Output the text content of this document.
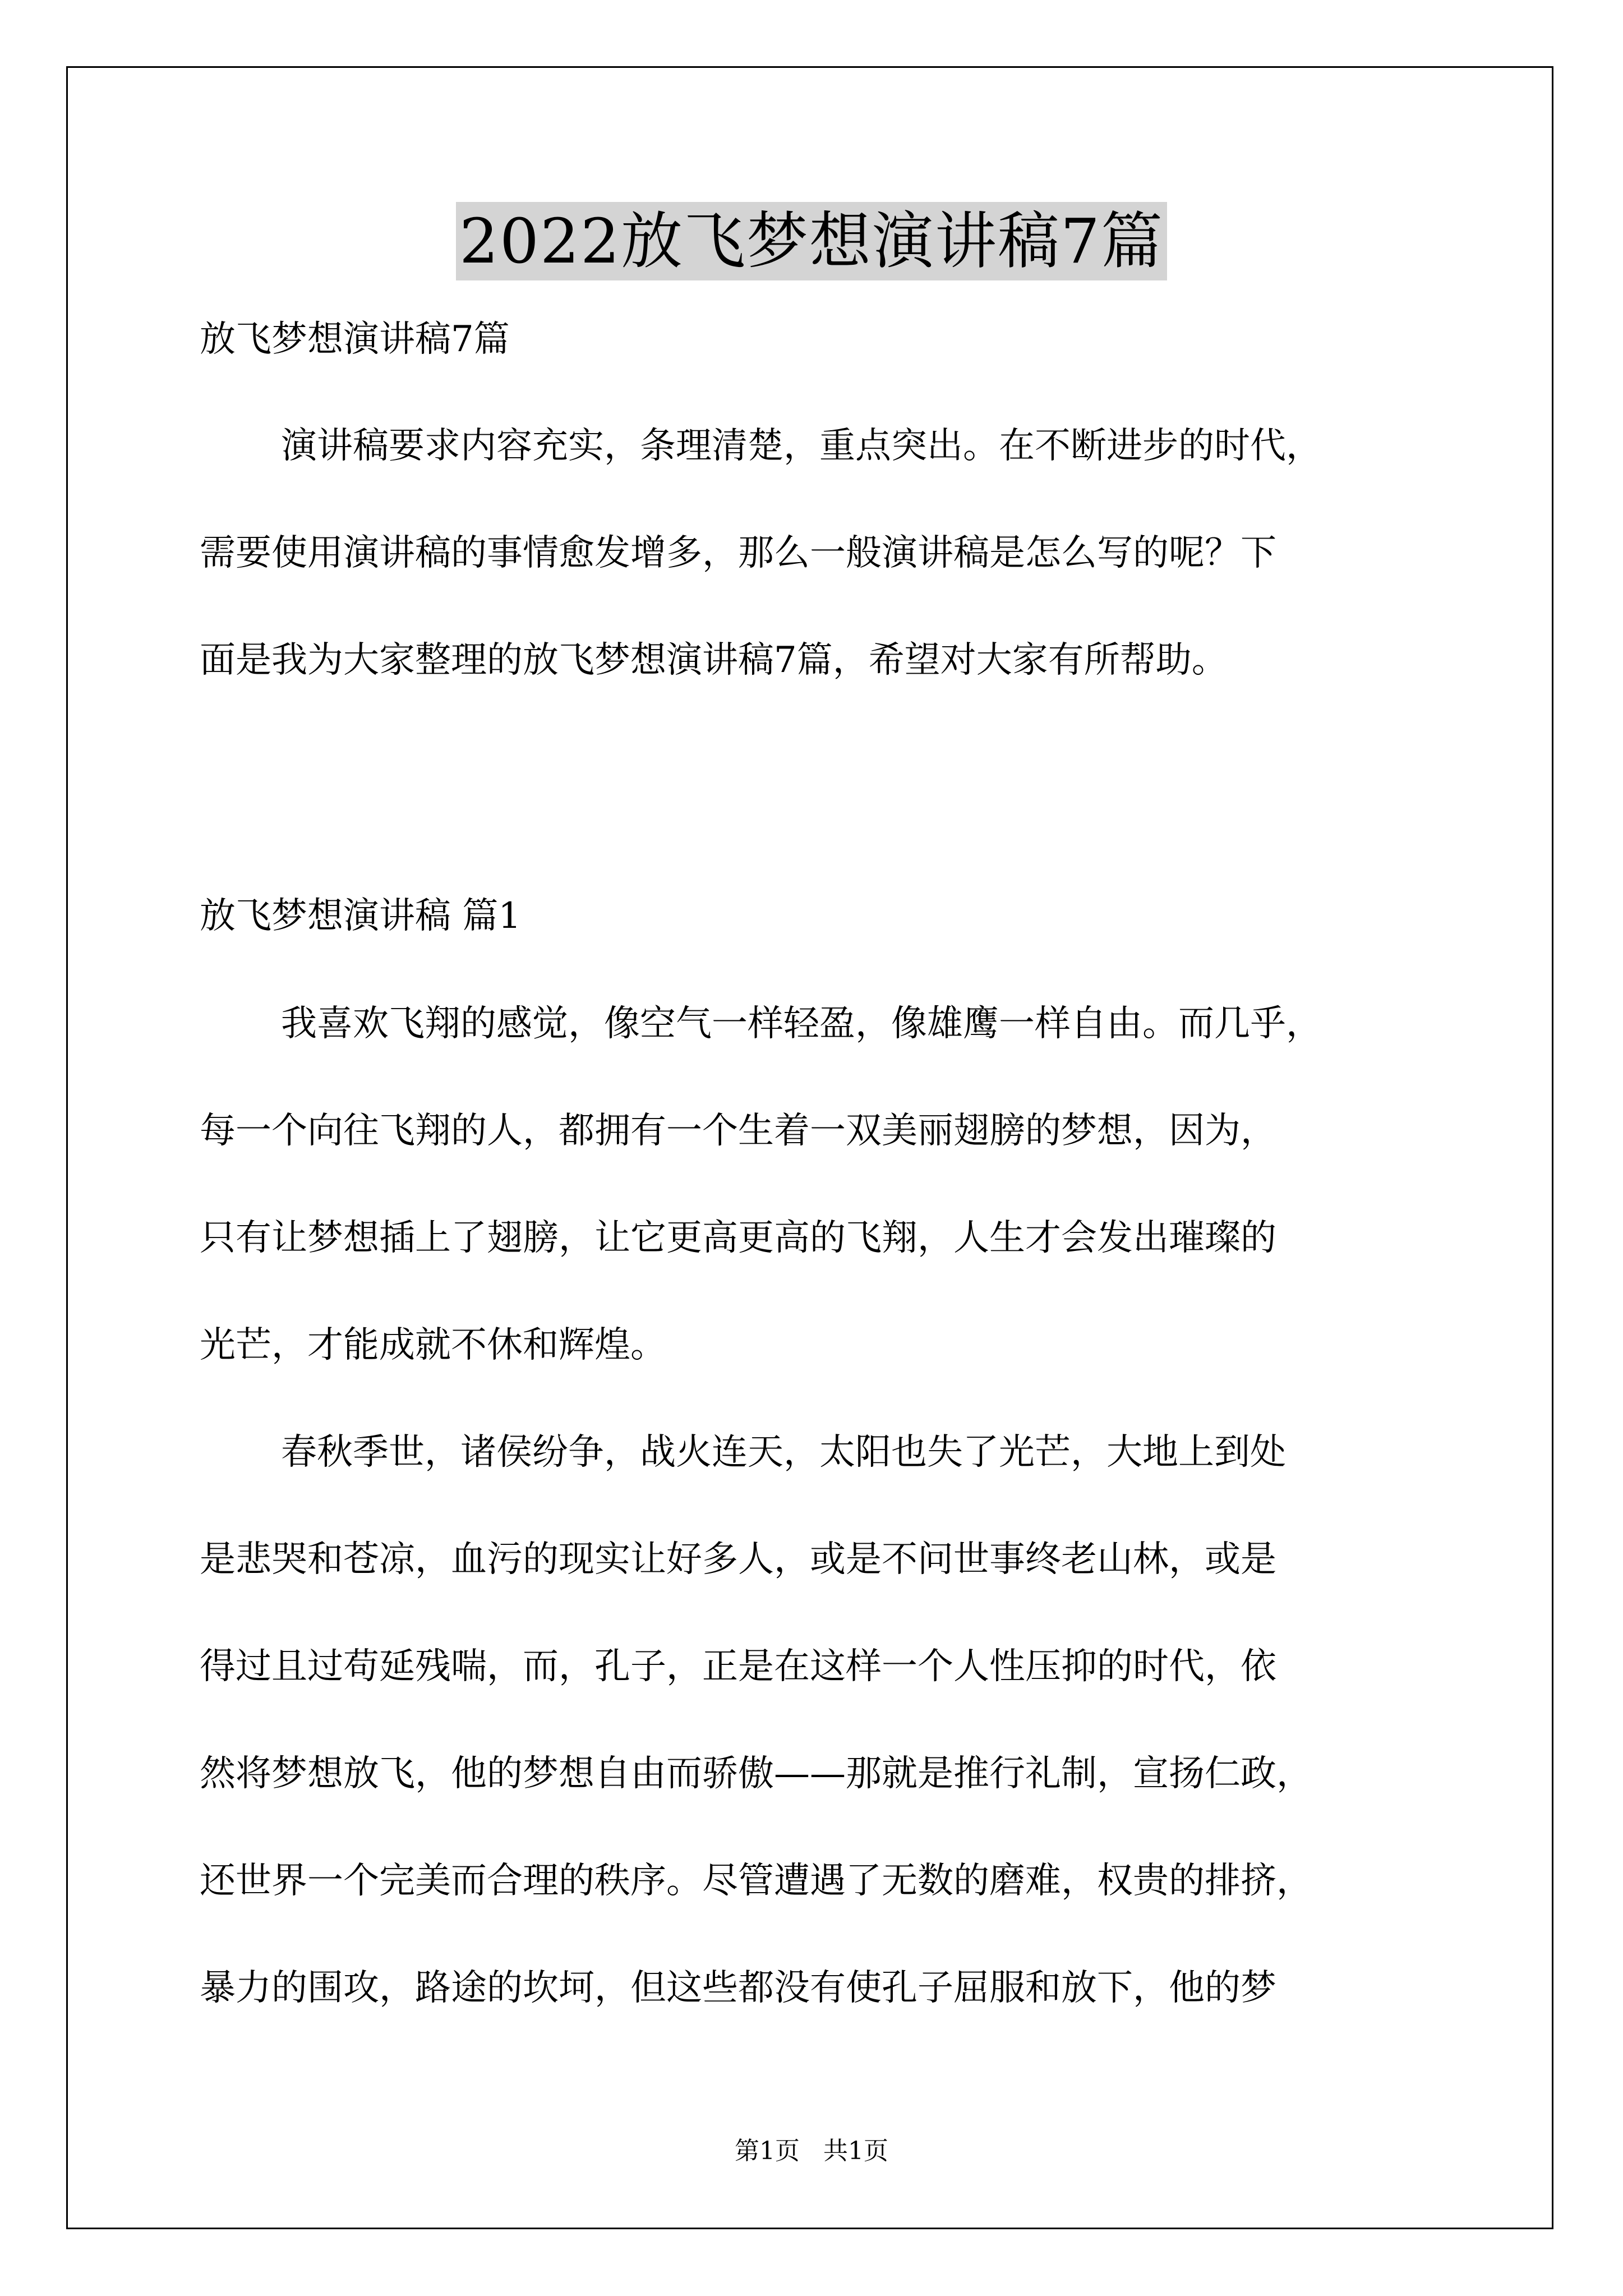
2022放飞梦想演讲稿7篇
放飞梦想演讲稿7篇
演讲稿要求内容充实，条理清楚，重点突出。在不断进步的时代，
需要使用演讲稿的事情愈发增多，那么一般演讲稿是怎么写的呢？下
面是我为大家整理的放飞梦想演讲稿7篇，希望对大家有所帮助。
放飞梦想演讲稿 篇1
我喜欢飞翔的感觉，像空气一样轻盈，像雄鹰一样自由。而几乎，
每一个向往飞翔的人，都拥有一个生着一双美丽翅膀的梦想，因为，
只有让梦想插上了翅膀，让它更高更高的飞翔，人生才会发出璀璨的
光芒，才能成就不休和辉煌。
春秋季世，诸侯纷争，战火连天，太阳也失了光芒，大地上到处
是悲哭和苍凉，血污的现实让好多人，或是不问世事终老山林，或是
得过且过苟延残喘，而，孔子，正是在这样一个人性压抑的时代，依
然将梦想放飞，他的梦想自由而骄傲——那就是推行礼制，宣扬仁政，
还世界一个完美而合理的秩序。尽管遭遇了无数的磨难，权贵的排挤，
暴力的围攻，路途的坎坷，但这些都没有使孔子屈服和放下，他的梦
第1页 共1页
